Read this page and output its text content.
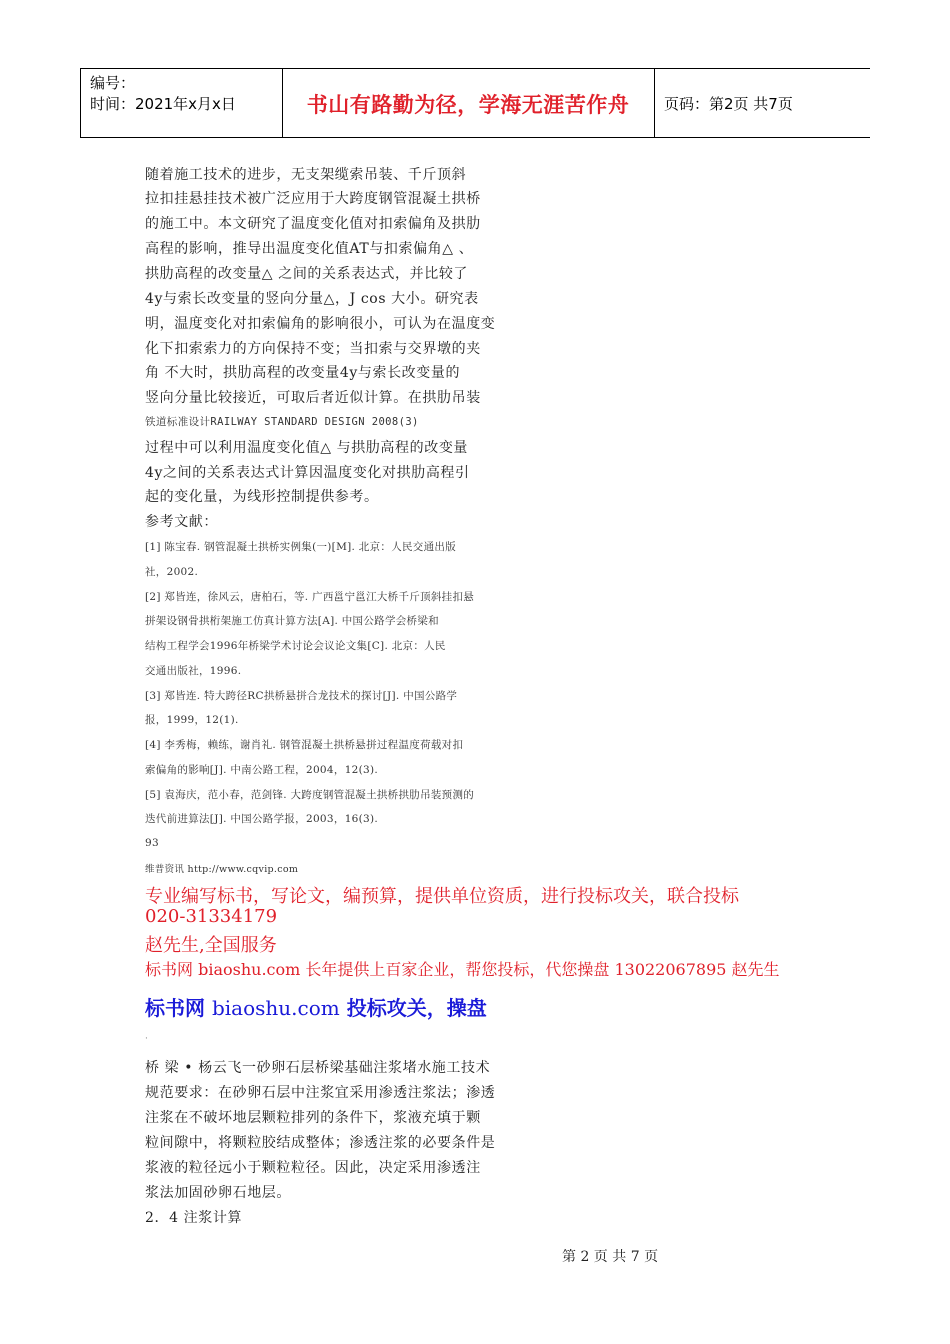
编号：
时间：2021年x月x日	书山有路勤为径，学海无涯苦作舟	页码：第2页 共7页
随着施工技术的进步，无支架缆索吊装、千斤顶斜
拉扣挂悬挂技术被广泛应用于大跨度钢管混凝土拱桥
的施工中。本文研究了温度变化值对扣索偏角及拱肋
高程的影响，推导出温度变化值AT与扣索偏角△ 、
拱肋高程的改变量△ 之间的关系表达式，并比较了
4y与索长改变量的竖向分量△，J cos 大小。研究表
明，温度变化对扣索偏角的影响很小，可认为在温度变
化下扣索索力的方向保持不变；当扣索与交界墩的夹
角 不大时，拱肋高程的改变量4y与索长改变量的
竖向分量比较接近，可取后者近似计算。在拱肋吊装
铁道标准设计RAILWAY STANDARD DESIGN 2008(3)
过程中可以利用温度变化值△ 与拱肋高程的改变量
4y之间的关系表达式计算因温度变化对拱肋高程引
起的变化量，为线形控制提供参考。
参考文献：
[1] 陈宝春. 钢管混凝土拱桥实例集(一)[M]. 北京：人民交通出版
社，2002.
[2] 郑皆连，徐风云，唐柏石，等. 广西邕宁邕江大桥千斤顶斜挂扣悬
拼架设钢骨拱桁架施工仿真计算方法[A]. 中国公路学会桥梁和
结构工程学会1996年桥梁学术讨论会议论文集[C]. 北京：人民
交通出版社，1996.
[3] 郑皆连. 特大跨径RC拱桥悬拼合龙技术的探讨[J]. 中国公路学
报，1999，12(1).
[4] 李秀梅，赖练，谢肖礼. 钢管混凝土拱桥悬拼过程温度荷载对扣
索偏角的影响[J]. 中南公路工程，2004，12(3).
[5] 袁海庆，范小春，范剑锋. 大跨度钢管混凝土拱桥拱肋吊装预测的
迭代前进算法[J]. 中国公路学报，2003，16(3).
93
维普资讯 http://www.cqvip.com
专业编写标书，写论文，编预算，提供单位资质，进行投标攻关，联合投标
020-31334179
赵先生,全国服务
标书网 biaoshu.com 长年提供上百家企业，帮您投标，代您操盘 13022067895 赵先生
标书网 biaoshu.com 投标攻关，操盘
·
桥 梁 • 杨云飞一砂卵石层桥梁基础注浆堵水施工技术
规范要求：在砂卵石层中注浆宜采用渗透注浆法；渗透
注浆在不破坏地层颗粒排列的条件下，浆液充填于颗
粒间隙中，将颗粒胶结成整体；渗透注浆的必要条件是
浆液的粒径远小于颗粒粒径。因此，决定采用渗透注
浆法加固砂卵石地层。
2．4 注浆计算
第 2 页 共 7 页
